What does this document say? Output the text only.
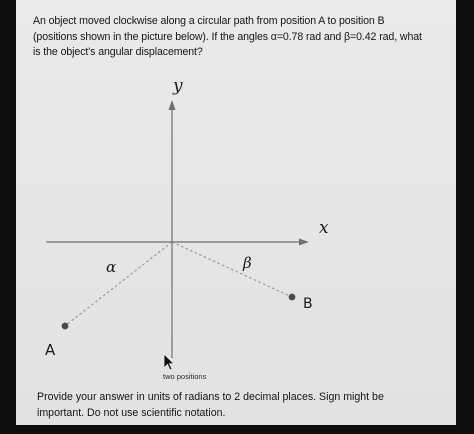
An object moved clockwise along a circular path from position A to position B
(positions shown in the picture below). If the angles α=0.78 rad and β=0.42 rad, what
is the object's angular displacement?
y
x
α	β
A
B
two positions
Provide your answer in units of radians to 2 decimal places. Sign might be
important. Do not use scientific notation.
